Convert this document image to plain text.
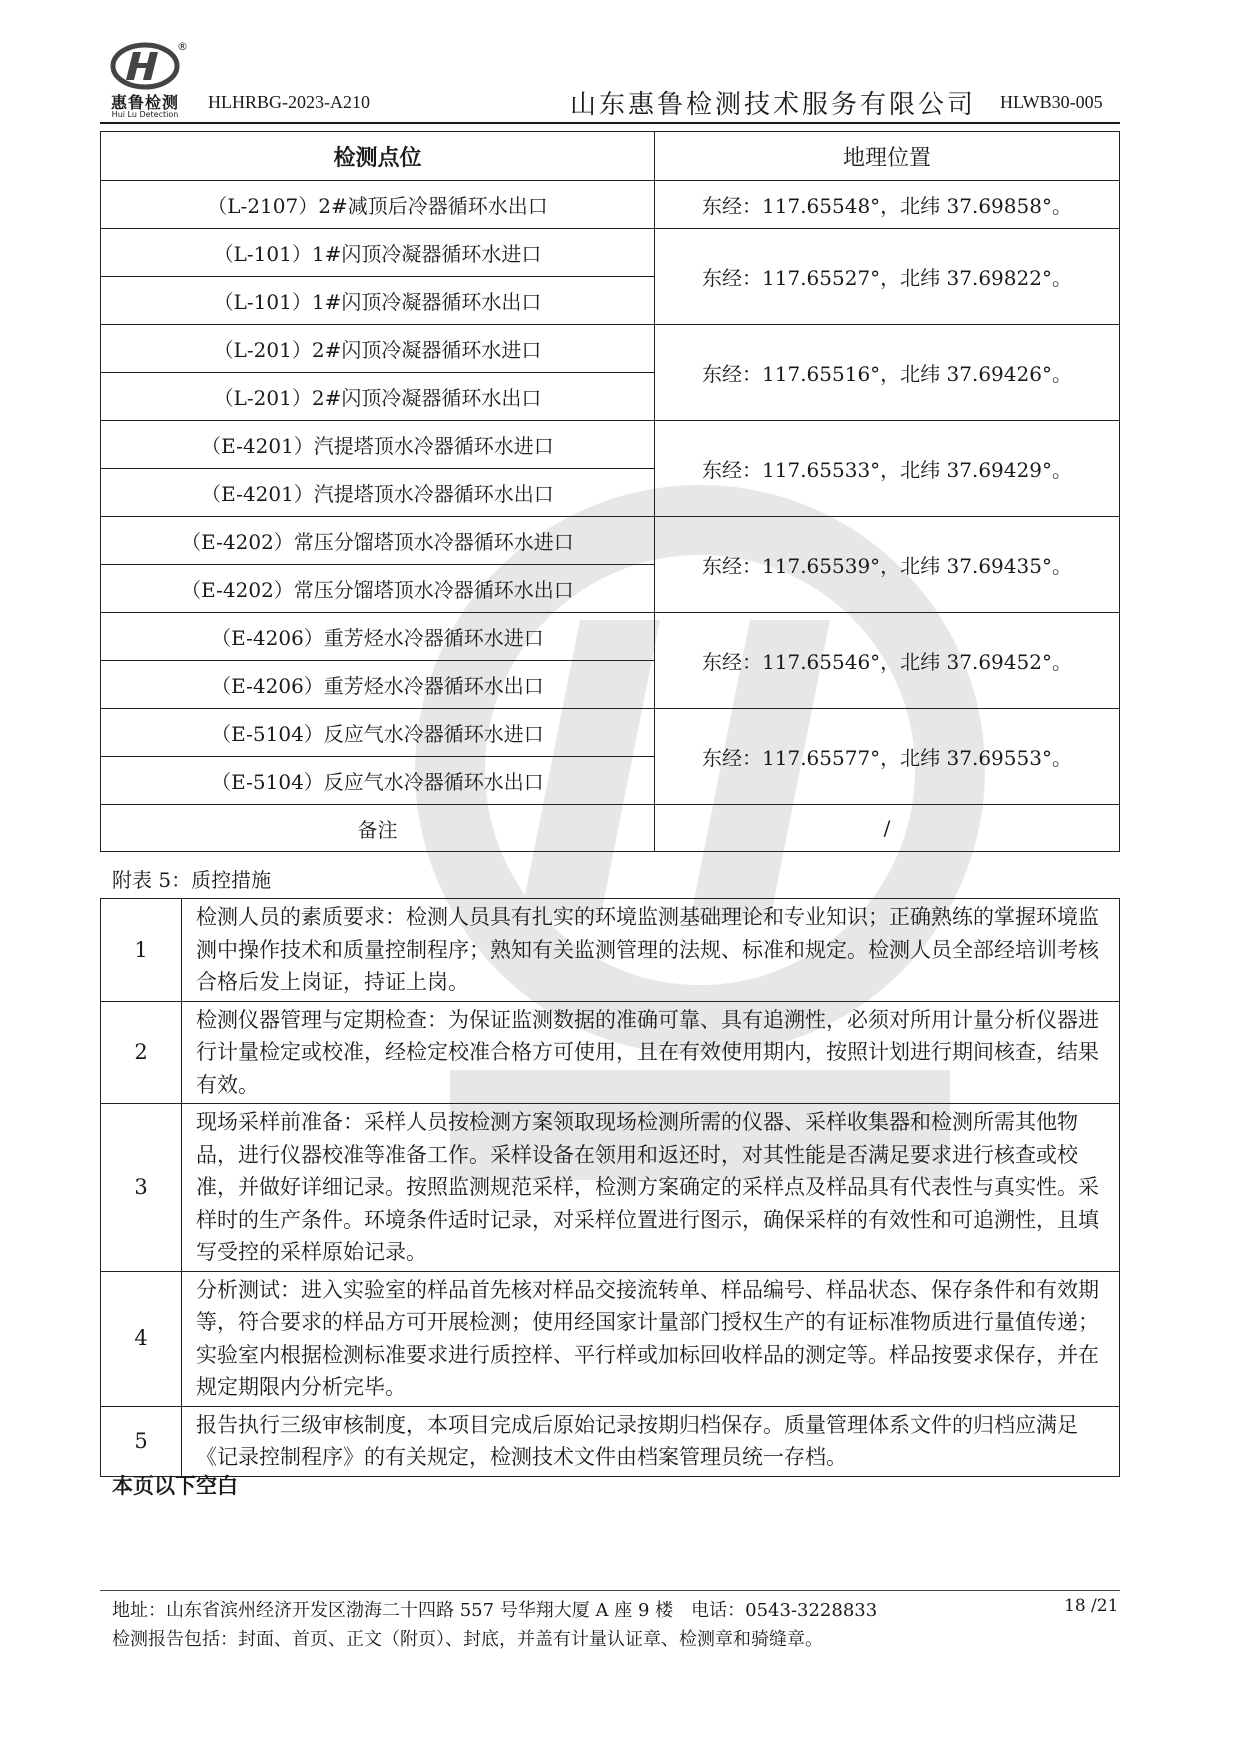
®
惠鲁检测
Hui Lu Detection
HLHRBG-2023-A210	山东惠鲁检测技术服务有限公司 HLWB30-005
检测点位	地理位置
（L-2107）2#减顶后冷器循环水出口	东经：117.65548°，北纬 37.69858°。
（L-101）1#闪顶冷凝器循环水进口	东经：117.65527°，北纬 37.69822°。
（L-101）1#闪顶冷凝器循环水出口	
（L-201）2#闪顶冷凝器循环水进口	东经：117.65516°，北纬 37.69426°。
（L-201）2#闪顶冷凝器循环水出口	
（E-4201）汽提塔顶水冷器循环水进口	东经：117.65533°，北纬 37.69429°。
（E-4201）汽提塔顶水冷器循环水出口	
（E-4202）常压分馏塔顶水冷器循环水进口	东经：117.65539°，北纬 37.69435°。
（E-4202）常压分馏塔顶水冷器循环水出口	
（E-4206）重芳烃水冷器循环水进口	东经：117.65546°，北纬 37.69452°。
（E-4206）重芳烃水冷器循环水出口	
（E-5104）反应气水冷器循环水进口	东经：117.65577°，北纬 37.69553°。
（E-5104）反应气水冷器循环水出口	
备注	/
附表 5：质控措施
1	检测人员的素质要求：检测人员具有扎实的环境监测基础理论和专业知识；正确熟练的掌握环境监测中操作技术和质量控制程序；熟知有关监测管理的法规、标准和规定。检测人员全部经培训考核合格后发上岗证，持证上岗。
2	检测仪器管理与定期检查：为保证监测数据的准确可靠、具有追溯性，必须对所用计量分析仪器进行计量检定或校准，经检定校准合格方可使用，且在有效使用期内，按照计划进行期间核查，结果有效。
3	现场采样前准备：采样人员按检测方案领取现场检测所需的仪器、采样收集器和检测所需其他物品，进行仪器校准等准备工作。采样设备在领用和返还时，对其性能是否满足要求进行核查或校准，并做好详细记录。按照监测规范采样，检测方案确定的采样点及样品具有代表性与真实性。采样时的生产条件。环境条件适时记录，对采样位置进行图示，确保采样的有效性和可追溯性，且填写受控的采样原始记录。
4	分析测试：进入实验室的样品首先核对样品交接流转单、样品编号、样品状态、保存条件和有效期等，符合要求的样品方可开展检测；使用经国家计量部门授权生产的有证标准物质进行量值传递；实验室内根据检测标准要求进行质控样、平行样或加标回收样品的测定等。样品按要求保存，并在规定期限内分析完毕。
5	报告执行三级审核制度，本项目完成后原始记录按期归档保存。质量管理体系文件的归档应满足《记录控制程序》的有关规定，检测技术文件由档案管理员统一存档。
本页以下空白
地址：山东省滨州经济开发区渤海二十四路 557 号华翔大厦 A 座 9 楼　电话：0543-3228833	18 /21
检测报告包括：封面、首页、正文（附页）、封底，并盖有计量认证章、检测章和骑缝章。
